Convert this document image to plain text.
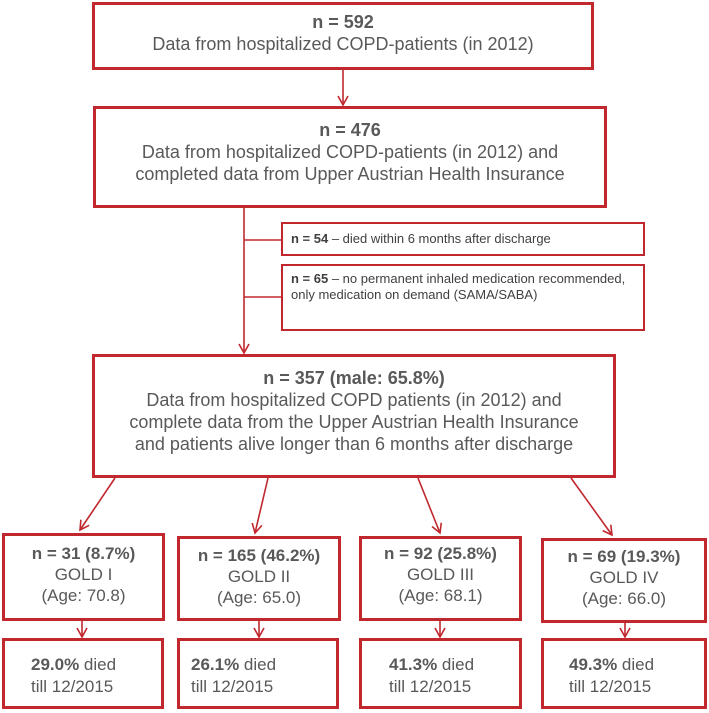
n = 592
Data from hospitalized COPD-patients (in 2012)
n = 476
Data from hospitalized COPD-patients (in 2012) and
completed data from Upper Austrian Health Insurance
n = 54 – died within 6 months after discharge
n = 65 – no permanent inhaled medication recommended, only medication on demand (SAMA/SABA)
n = 357 (male: 65.8%)
Data from hospitalized COPD patients (in 2012) and
complete data from the Upper Austrian Health Insurance
and patients alive longer than 6 months after discharge
n = 31 (8.7%)
GOLD I
(Age: 70.8)
n = 165 (46.2%)
GOLD II
(Age: 65.0)
n = 92 (25.8%)
GOLD III
(Age: 68.1)
n = 69 (19.3%)
GOLD IV
(Age: 66.0)
29.0% died
till 12/2015
26.1% died
till 12/2015
41.3% died
till 12/2015
49.3% died
till 12/2015
